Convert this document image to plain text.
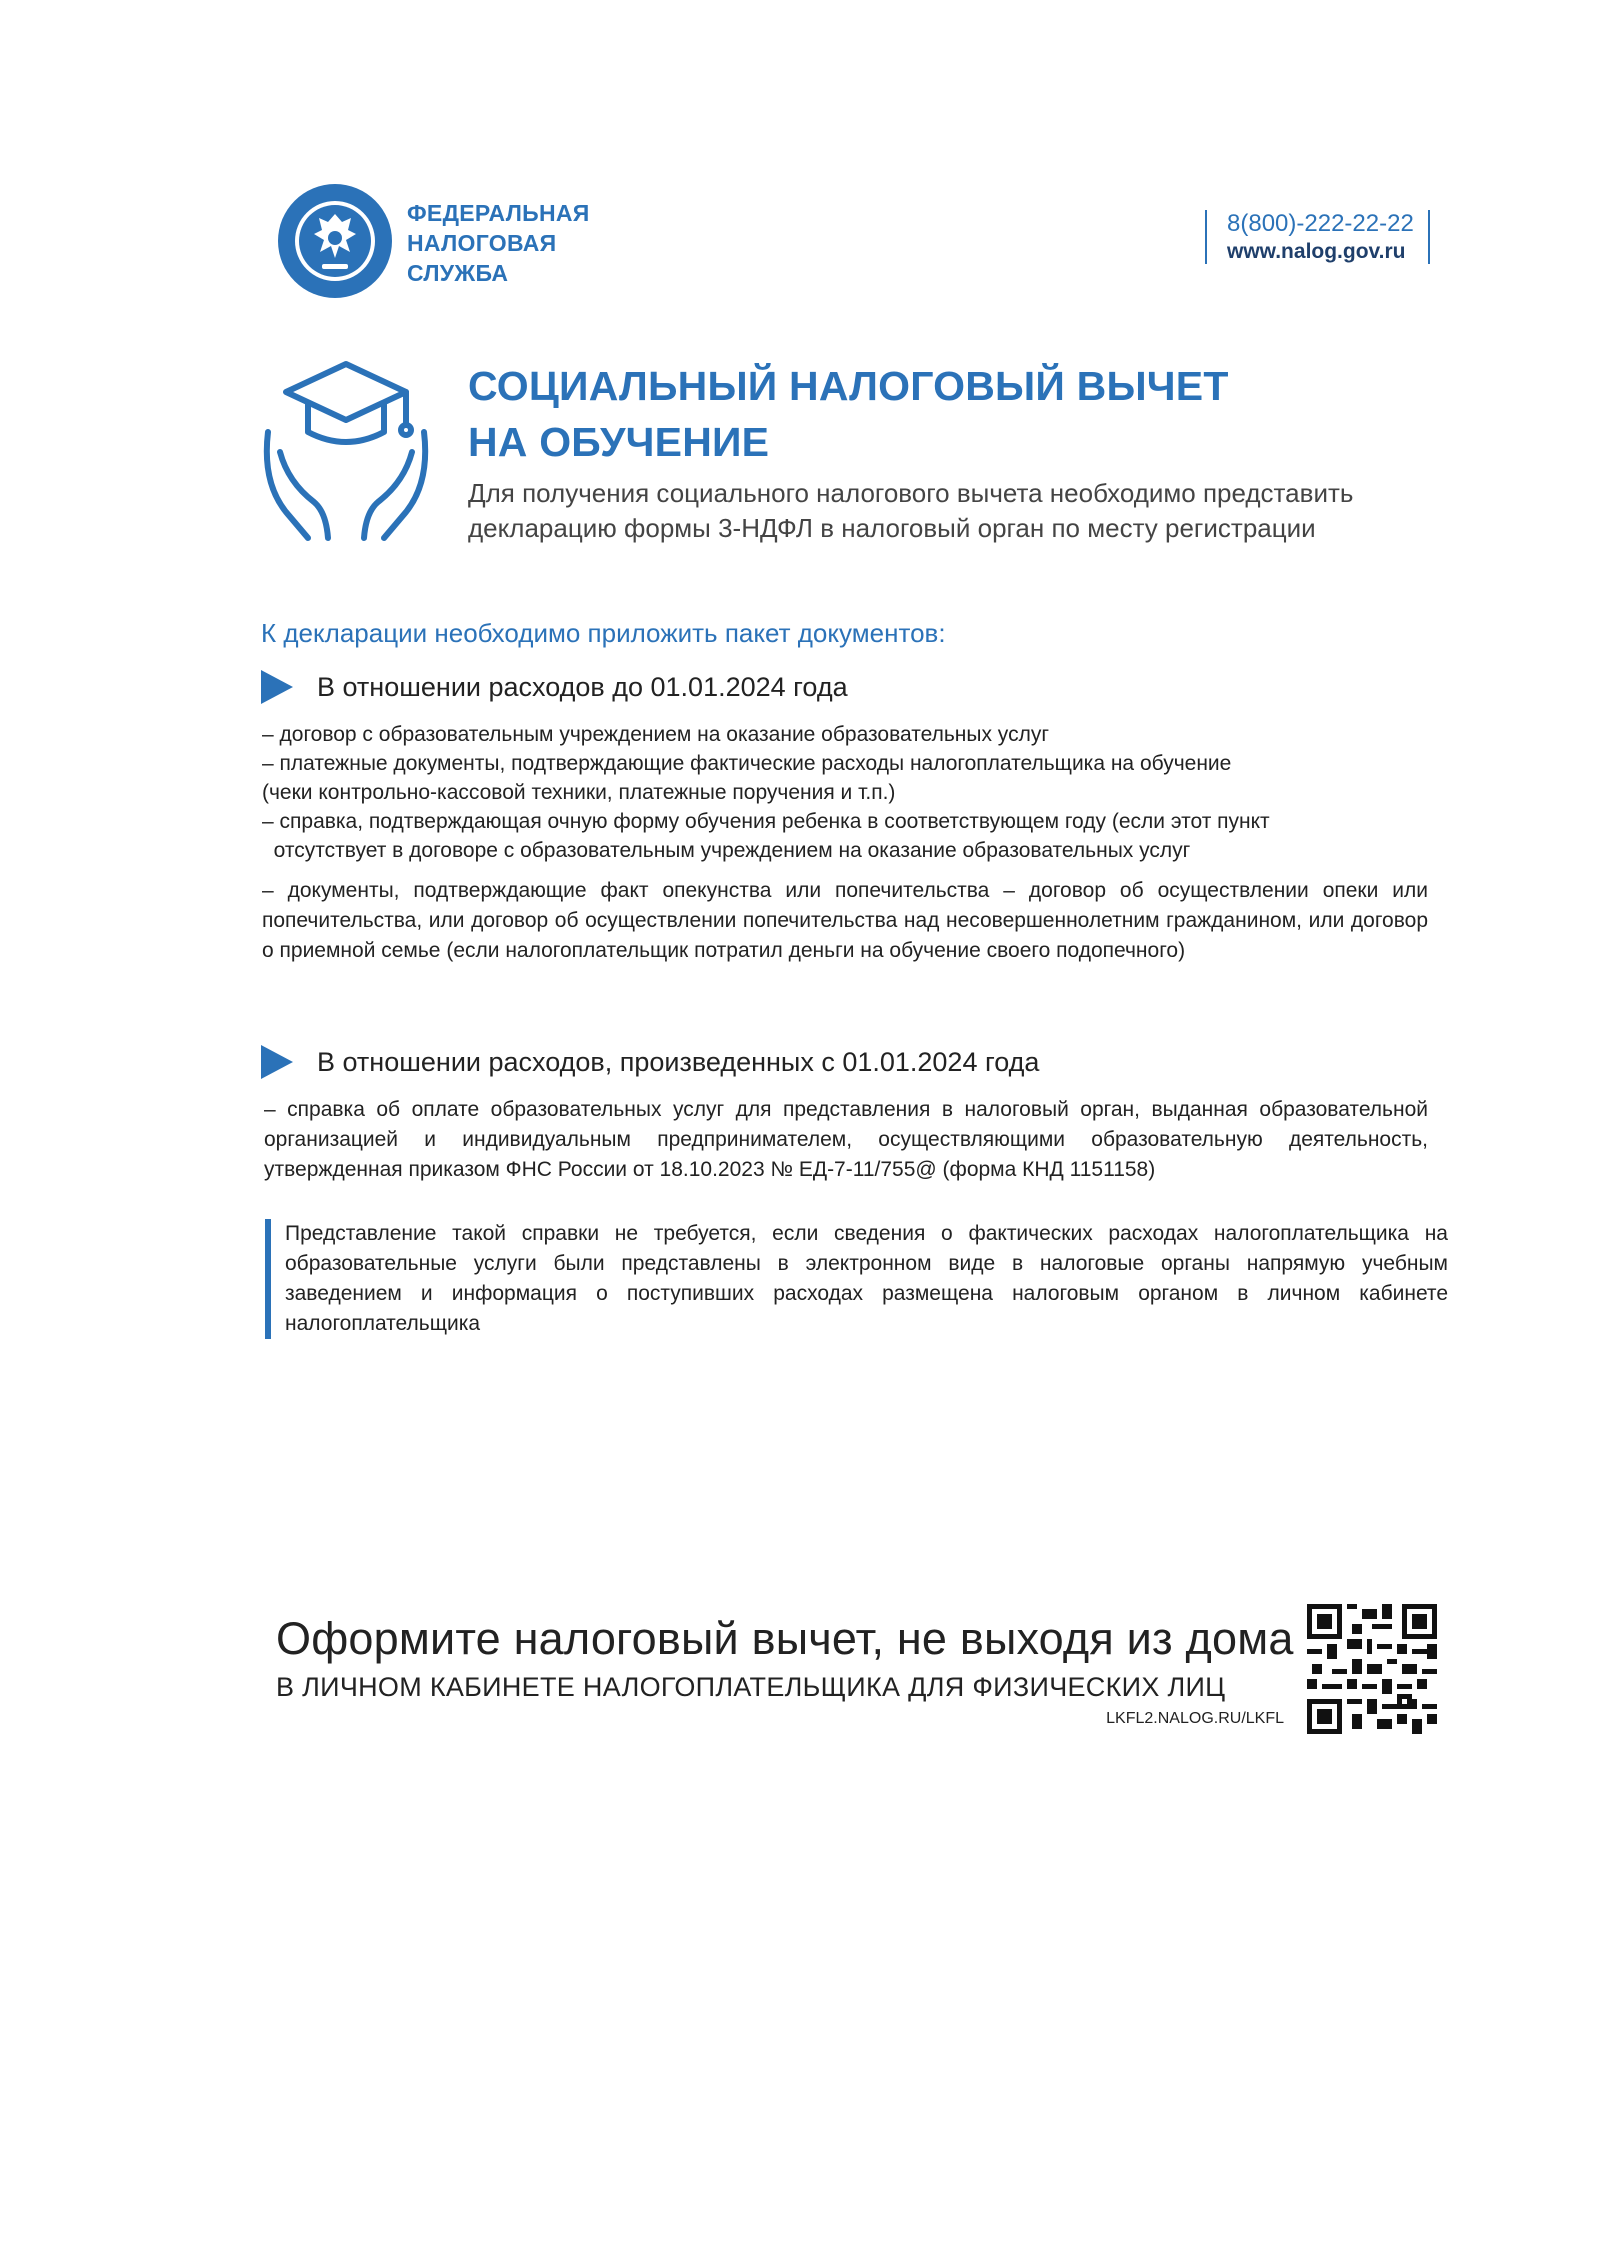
ФЕДЕРАЛЬНАЯ
НАЛОГОВАЯ
СЛУЖБА
8(800)-222-22-22
www.nalog.gov.ru
СОЦИАЛЬНЫЙ НАЛОГОВЫЙ ВЫЧЕТ
НА ОБУЧЕНИЕ
Для получения социального налогового вычета необходимо представить декларацию формы 3-НДФЛ в налоговый орган по месту регистрации
К декларации необходимо приложить пакет документов:
В отношении расходов до 01.01.2024 года
– договор с образовательным учреждением на оказание образовательных услуг
– платежные документы, подтверждающие фактические расходы налогоплательщика на обучение
(чеки контрольно-кассовой техники, платежные поручения и т.п.)
– справка, подтверждающая очную форму обучения ребенка в соответствующем году (если этот пункт
отсутствует в договоре с образовательным учреждением на оказание образовательных услуг
– документы, подтверждающие факт опекунства или попечительства – договор об осуществлении опеки или попечительства, или договор об осуществлении попечительства над несовершеннолетним гражданином, или договор о приемной семье (если налогоплательщик потратил деньги на обучение своего подопечного)
В отношении расходов, произведенных с 01.01.2024 года
– справка об оплате образовательных услуг для представления в налоговый орган, выданная образовательной организацией и индивидуальным предпринимателем, осуществляющими образовательную деятельность, утвержденная приказом ФНС России от 18.10.2023 № ЕД-7-11/755@ (форма КНД 1151158)
Представление такой справки не требуется, если сведения о фактических расходах налогоплательщика на образовательные услуги были представлены в электронном виде в налоговые органы напрямую учебным заведением и информация о поступивших расходах размещена налоговым органом в личном кабинете налогоплательщика
Оформите налоговый вычет, не выходя из дома
В ЛИЧНОМ КАБИНЕТЕ НАЛОГОПЛАТЕЛЬЩИКА ДЛЯ ФИЗИЧЕСКИХ ЛИЦ
LKFL2.NALOG.RU/LKFL
